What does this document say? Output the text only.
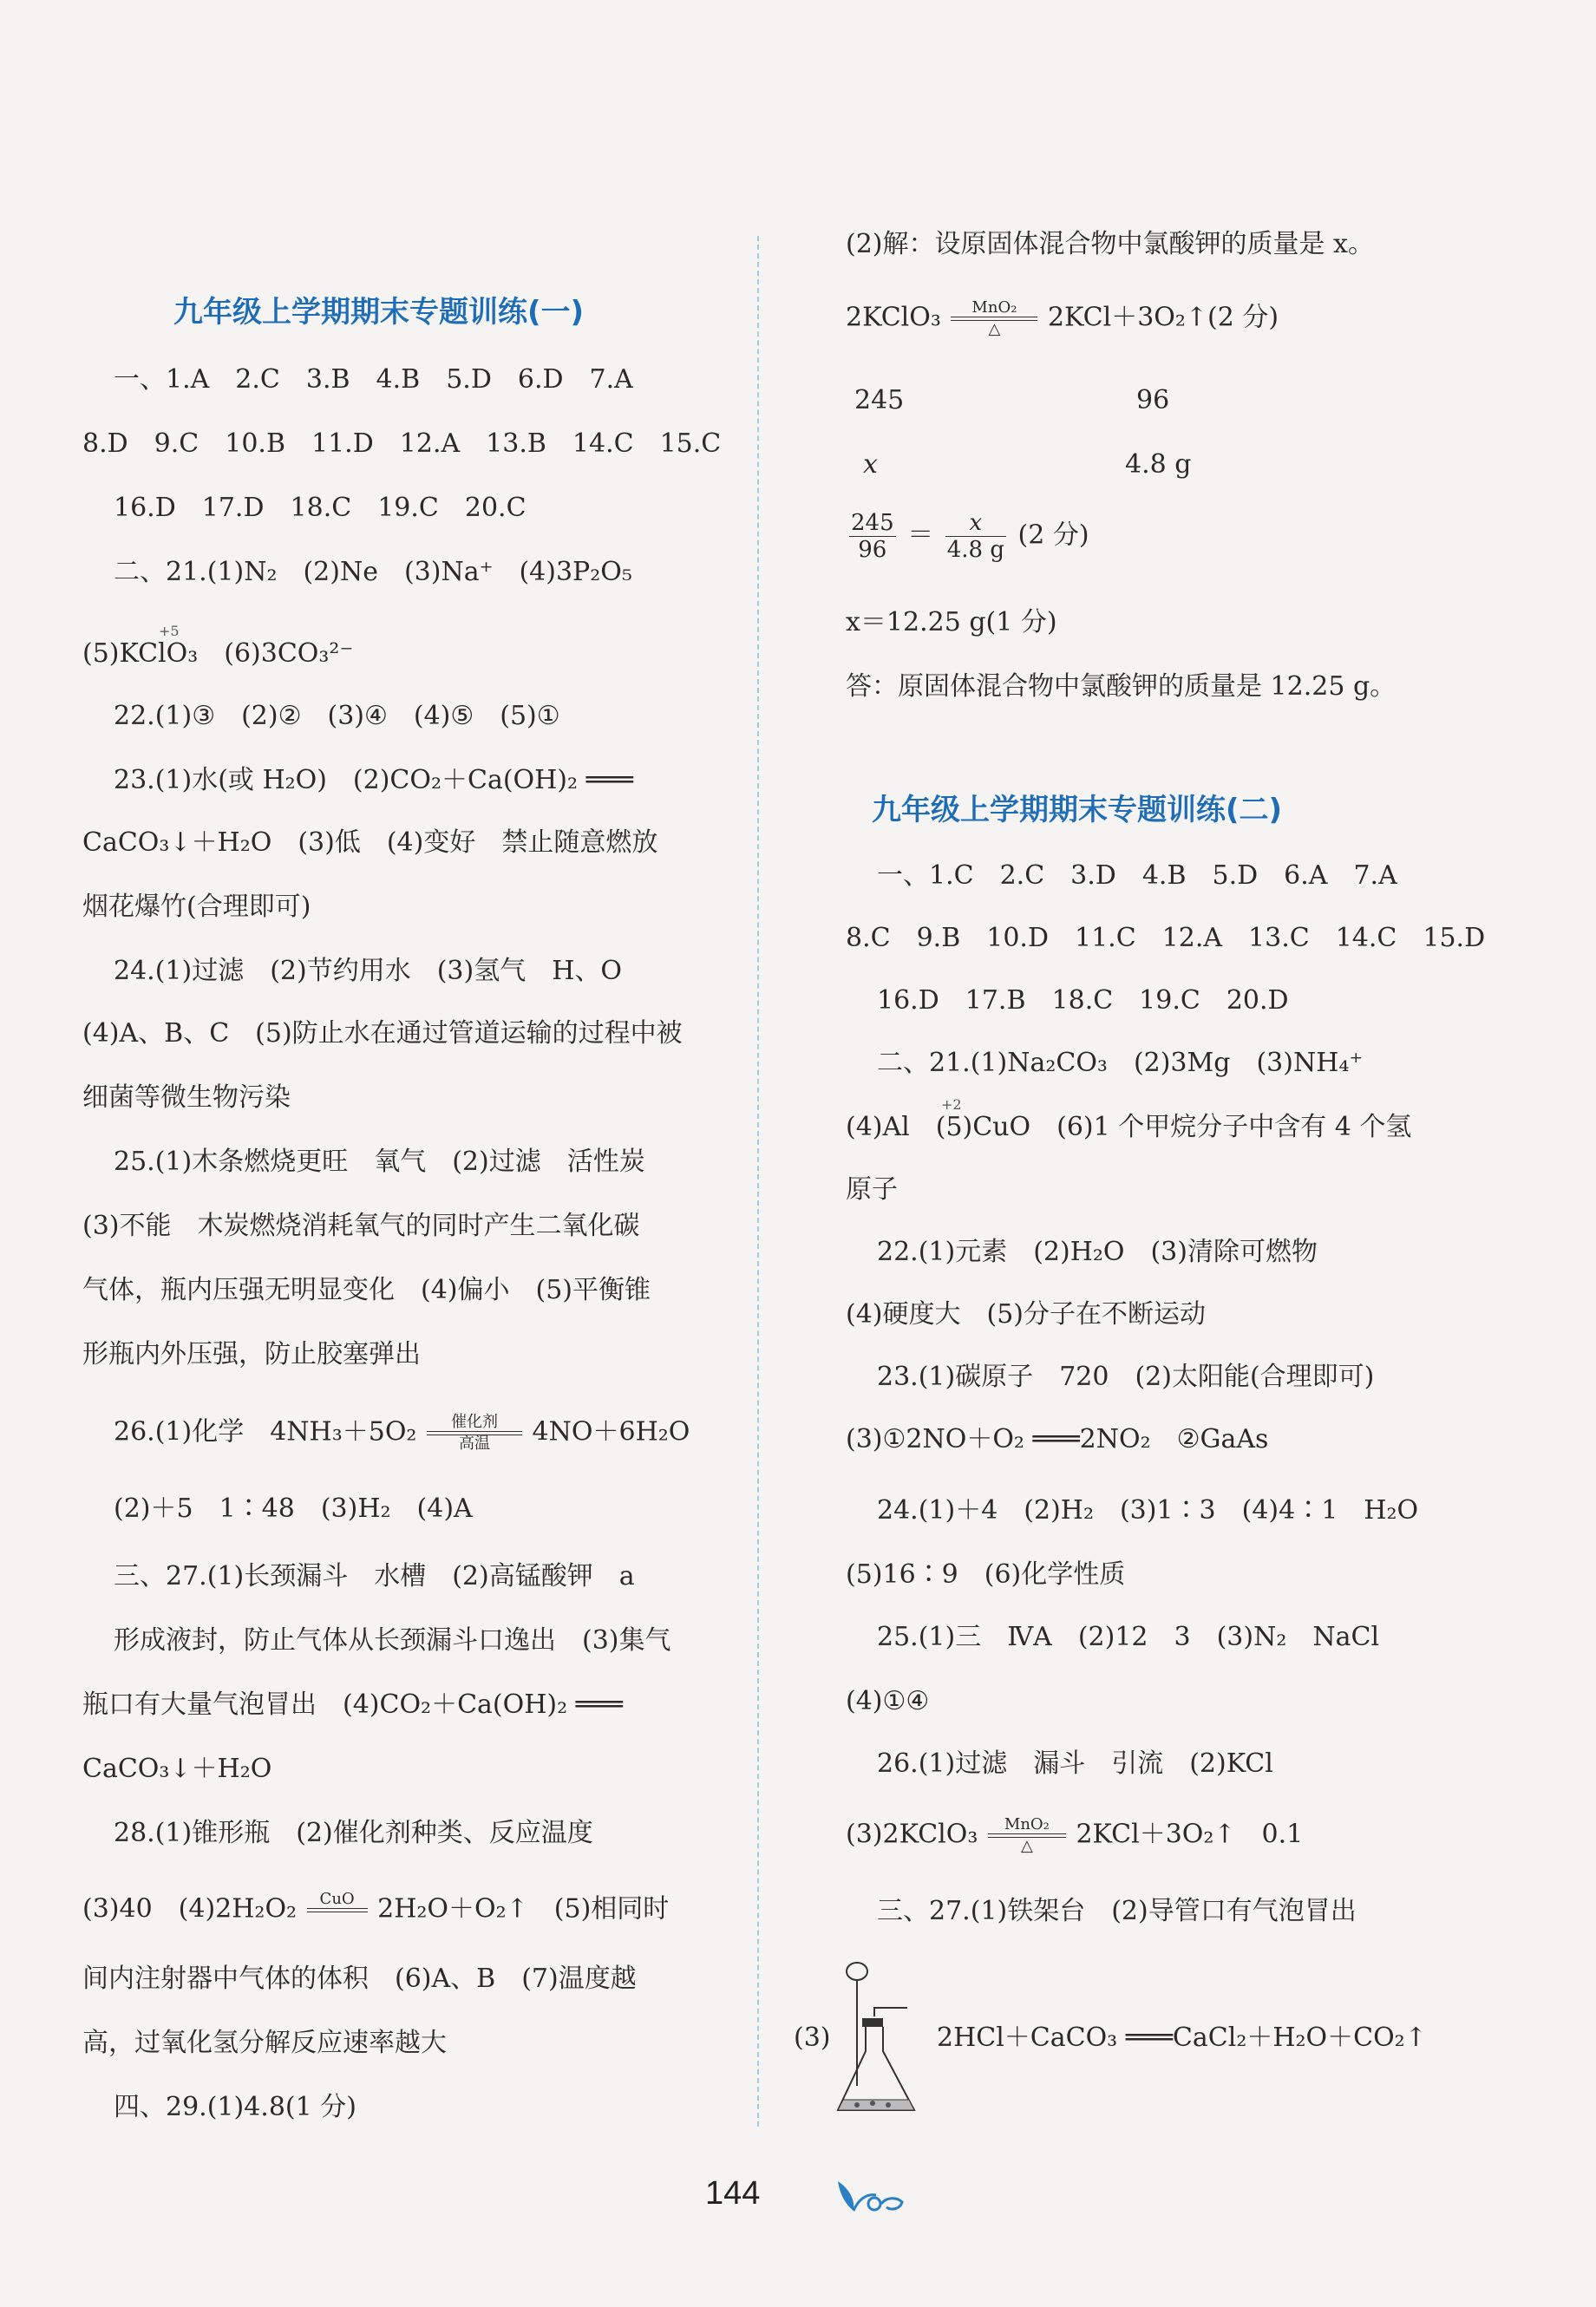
九年级上学期期末专题训练(一)
一、1.A　2.C　3.B　4.B　5.D　6.D　7.A
8.D　9.C　10.B　11.D　12.A　13.B　14.C　15.C
16.D　17.D　18.C　19.C　20.C
二、21.(1)N₂　(2)Ne　(3)Na⁺　(4)3P₂O₅
+5
(5)KClO₃　(6)3CO₃²⁻
22.(1)③　(2)②　(3)④　(4)⑤　(5)①
23.(1)水(或 H₂O)　(2)CO₂＋Ca(OH)₂ ═══
CaCO₃↓＋H₂O　(3)低　(4)变好　禁止随意燃放
烟花爆竹(合理即可)
24.(1)过滤　(2)节约用水　(3)氢气　H、O
(4)A、B、C　(5)防止水在通过管道运输的过程中被
细菌等微生物污染
25.(1)木条燃烧更旺　氧气　(2)过滤　活性炭
(3)不能　木炭燃烧消耗氧气的同时产生二氧化碳
气体，瓶内压强无明显变化　(4)偏小　(5)平衡锥
形瓶内外压强，防止胶塞弹出
26.(1)化学　4NH₃＋5O₂	催化剂
高温	4NO＋6H₂O
(2)＋5　1∶48　(3)H₂　(4)A
三、27.(1)长颈漏斗　水槽　(2)高锰酸钾　a
形成液封，防止气体从长颈漏斗口逸出　(3)集气
瓶口有大量气泡冒出　(4)CO₂＋Ca(OH)₂ ═══
CaCO₃↓＋H₂O
28.(1)锥形瓶　(2)催化剂种类、反应温度
(3)40　(4)2H₂O₂	CuO
2H₂O＋O₂↑　(5)相同时
间内注射器中气体的体积　(6)A、B　(7)温度越
高，过氧化氢分解反应速率越大
四、29.(1)4.8(1 分)
(2)解：设原固体混合物中氯酸钾的质量是 x。
2KClO₃	MnO₂
△	2KCl＋3O₂↑(2 分)
245	96
x	4.8 g
$\frac{245}{96} = \frac{x}{4.8 g} (2$ 分)
x＝12.25 g(1 分)
答：原固体混合物中氯酸钾的质量是 12.25 g。
九年级上学期期末专题训练(二)
一、1.C　2.C　3.D　4.B　5.D　6.A　7.A
8.C　9.B　10.D　11.C　12.A　13.C　14.C　15.D
16.D　17.B　18.C　19.C　20.D
二、21.(1)Na₂CO₃　(2)3Mg　(3)NH₄⁺
+2
(4)Al　(5)CuO　(6)1 个甲烷分子中含有 4 个氢
原子
22.(1)元素　(2)H₂O　(3)清除可燃物
(4)硬度大　(5)分子在不断运动
23.(1)碳原子　720　(2)太阳能(合理即可)
(3)①2NO＋O₂ ═══2NO₂　②GaAs
24.(1)＋4　(2)H₂　(3)1∶3　(4)4∶1　H₂O
(5)16∶9　(6)化学性质
25.(1)三　ⅣA　(2)12　3　(3)N₂　NaCl
(4)①④
26.(1)过滤　漏斗　引流　(2)KCl
(3)2KClO₃	MnO₂
△	2KCl＋3O₂↑　0.1
三、27.(1)铁架台　(2)导管口有气泡冒出
(3)	2HCl＋CaCO₃ ═══CaCl₂＋H₂O＋CO₂↑
144
